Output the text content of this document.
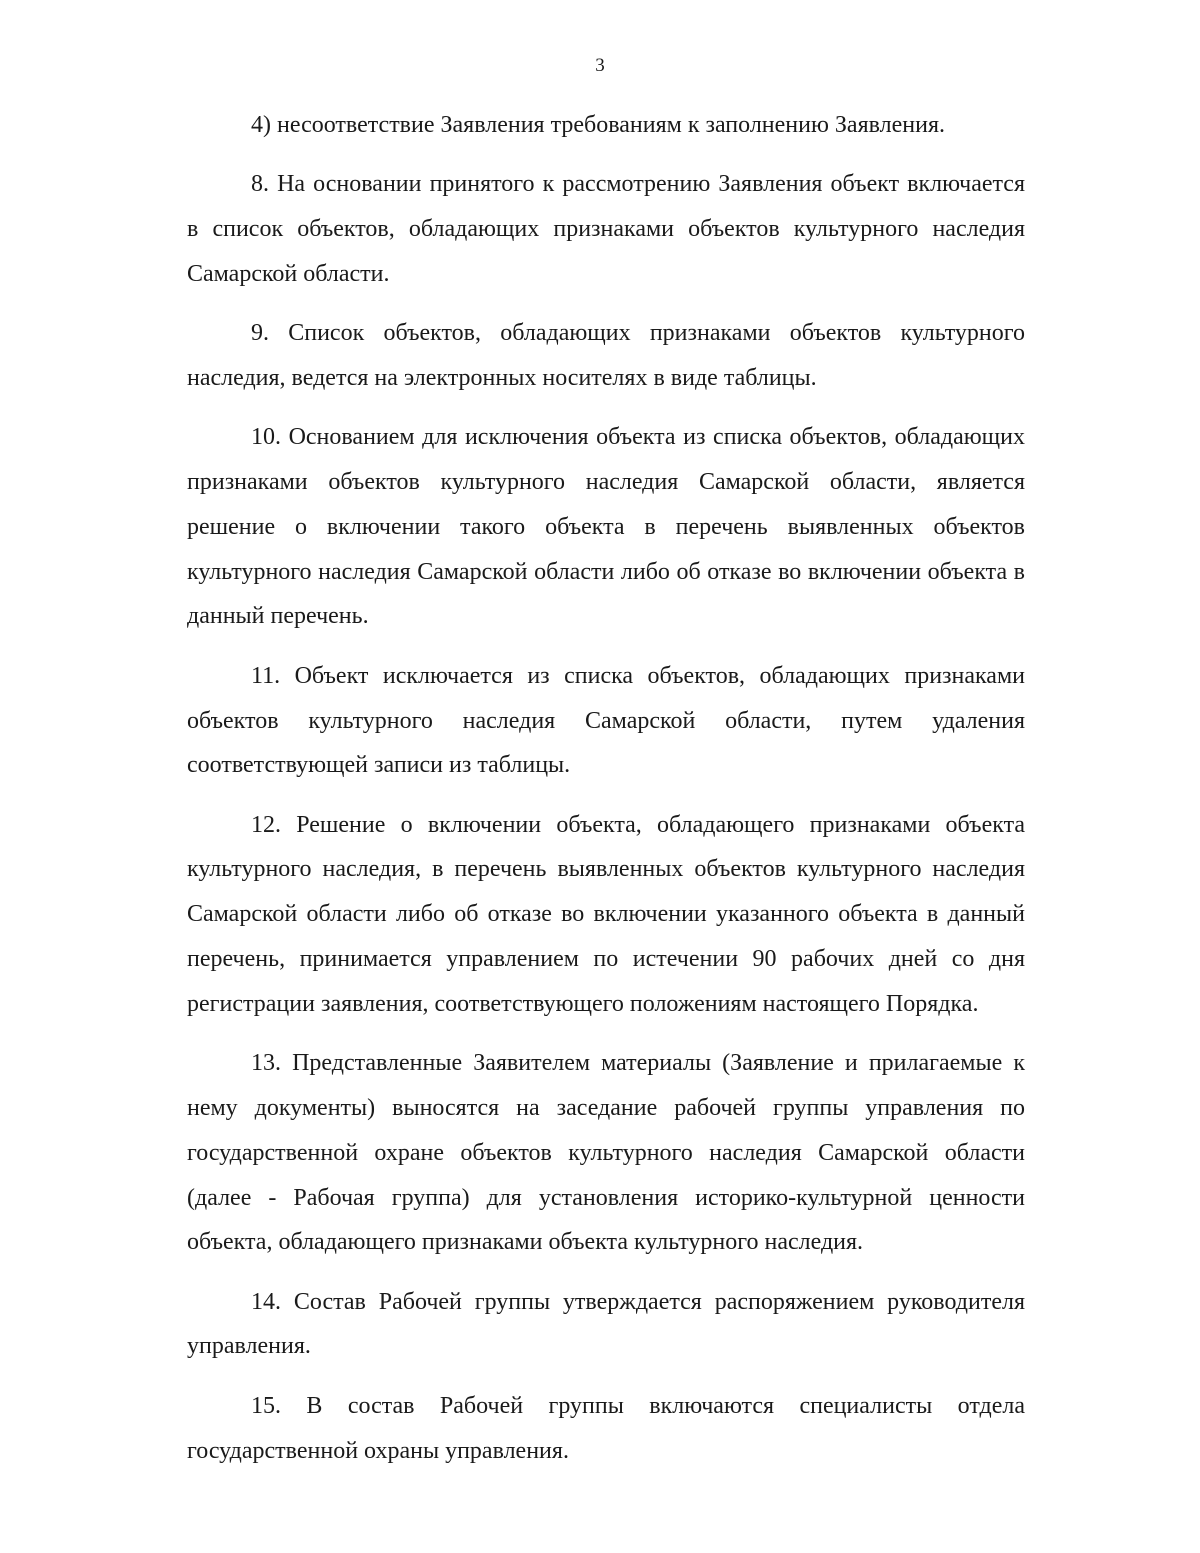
3

4) несоответствие Заявления требованиям к заполнению Заявления.

8. На основании принятого к рассмотрению Заявления объект включается в список объектов, обладающих признаками объектов культурного наследия Самарской области.

9. Список объектов, обладающих признаками объектов культурного наследия, ведется на электронных носителях в виде таблицы.

10. Основанием для исключения объекта из списка объектов, обладающих признаками объектов культурного наследия Самарской области, является решение о включении такого объекта в перечень выявленных объектов культурного наследия Самарской области либо об отказе во включении объекта в данный перечень.

11. Объект исключается из списка объектов, обладающих признаками объектов культурного наследия Самарской области, путем удаления соответствующей записи из таблицы.

12. Решение о включении объекта, обладающего признаками объекта культурного наследия, в перечень выявленных объектов культурного наследия Самарской области либо об отказе во включении указанного объекта в данный перечень, принимается управлением по истечении 90 рабочих дней со дня регистрации заявления, соответствующего положениям настоящего Порядка.

13. Представленные Заявителем материалы (Заявление и прилагаемые к нему документы) выносятся на заседание рабочей группы управления по государственной охране объектов культурного наследия Самарской области (далее - Рабочая группа) для установления историко-культурной ценности объекта, обладающего признаками объекта культурного наследия.

14. Состав Рабочей группы утверждается распоряжением руководителя управления.

15. В состав Рабочей группы включаются специалисты отдела государственной охраны управления.
